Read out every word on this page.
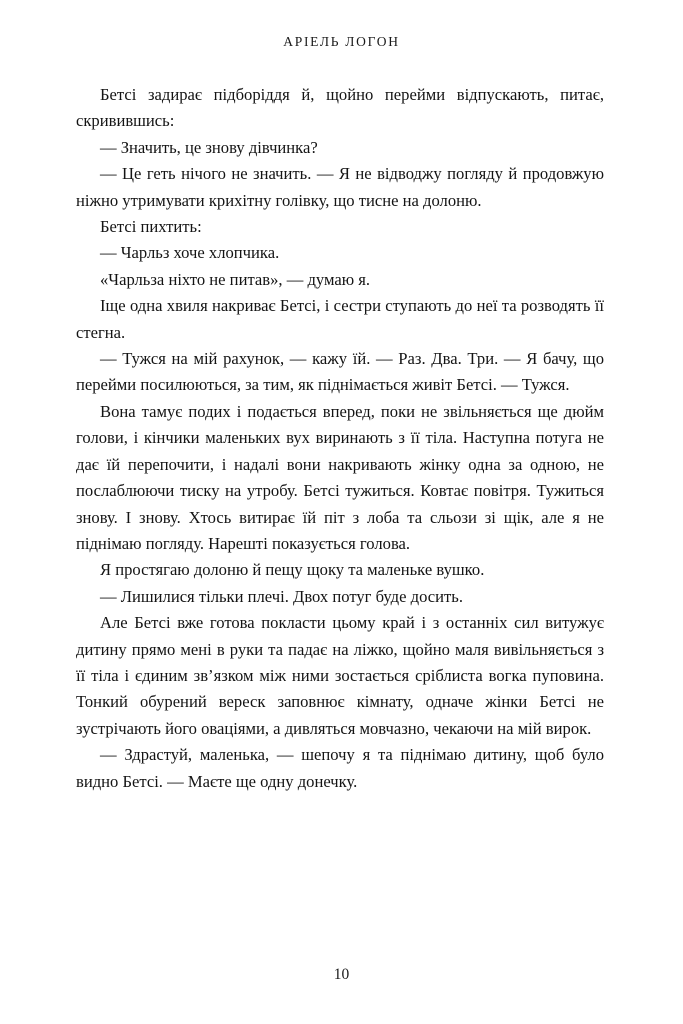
АРІЕЛЬ ЛОГОН

Бетсі задирає підборіддя й, щойно перейми відпускають, питає, скривившись:

— Значить, це знову дівчинка?

— Це геть нічого не значить. — Я не відводжу погляду й продовжую ніжно утримувати крихітну голівку, що тисне на долоню.

Бетсі пихтить:

— Чарльз хоче хлопчика.

«Чарльза ніхто не питав», — думаю я.

Іще одна хвиля накриває Бетсі, і сестри ступають до неї та розводять її стегна.

— Тужся на мій рахунок, — кажу їй. — Раз. Два. Три. — Я бачу, що перейми посилюються, за тим, як піднімається живіт Бетсі. — Тужся.

Вона тамує подих і подається вперед, поки не звільняється ще дюйм голови, і кінчики маленьких вух виринають з її тіла. Наступна потуга не дає їй перепочити, і надалі вони накривають жінку одна за одною, не послаблюючи тиску на утробу. Бетсі тужиться. Ковтає повітря. Тужиться знову. І знову. Хтось витирає їй піт з лоба та сльози зі щік, але я не піднімаю погляду. Нарешті показується голова.

Я простягаю долоню й пещу щоку та маленьке вушко.

— Лишилися тільки плечі. Двох потуг буде досить.

Але Бетсі вже готова покласти цьому край і з останніх сил витужує дитину прямо мені в руки та падає на ліжко, щойно маля вивільняється з її тіла і єдиним зв’язком між ними зостається сріблиста вогка пуповина. Тонкий обурений вереск заповнює кімнату, одначе жінки Бетсі не зустрічають його оваціями, а дивляться мовчазно, чекаючи на мій вирок.

— Здрастуй, маленька, — шепочу я та піднімаю дитину, щоб було видно Бетсі. — Маєте ще одну донечку.

10
